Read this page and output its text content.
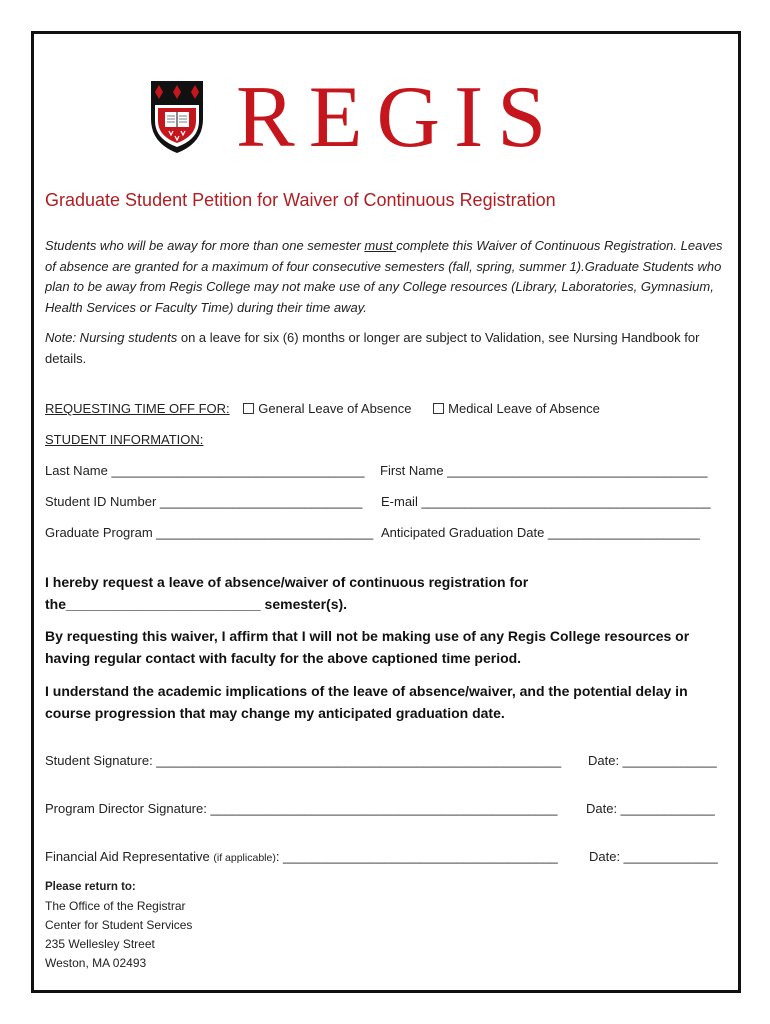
REGIS
Graduate Student Petition for Waiver of Continuous Registration
Students who will be away for more than one semester must complete this Waiver of Continuous Registration. Leaves of absence are granted for a maximum of four consecutive semesters (fall, spring, summer 1).Graduate Students who plan to be away from Regis College may not make use of any College resources (Library, Laboratories, Gymnasium, Health Services or Faculty Time) during their time away.
Note: Nursing students on a leave for six (6) months or longer are subject to Validation, see Nursing Handbook for details.
REQUESTING TIME OFF FOR: General Leave of Absence	Medical Leave of Absence
STUDENT INFORMATION:
Last Name ___________________________________ First Name ____________________________________
Student ID Number ____________________________ E-mail ________________________________________
Graduate Program ______________________________ Anticipated Graduation Date _____________________
I hereby request a leave of absence/waiver of continuous registration for
the_________________________ semester(s).
By requesting this waiver, I affirm that I will not be making use of any Regis College resources or having regular contact with faculty for the above captioned time period.
I understand the academic implications of the leave of absence/waiver, and the potential delay in course progression that may change my anticipated graduation date.
Student Signature: ________________________________________________________ Date: _____________
Program Director Signature: ________________________________________________ Date: _____________
Financial Aid Representative (if applicable): ______________________________________ Date: _____________
Please return to:
The Office of the Registrar
Center for Student Services
235 Wellesley Street
Weston, MA 02493
